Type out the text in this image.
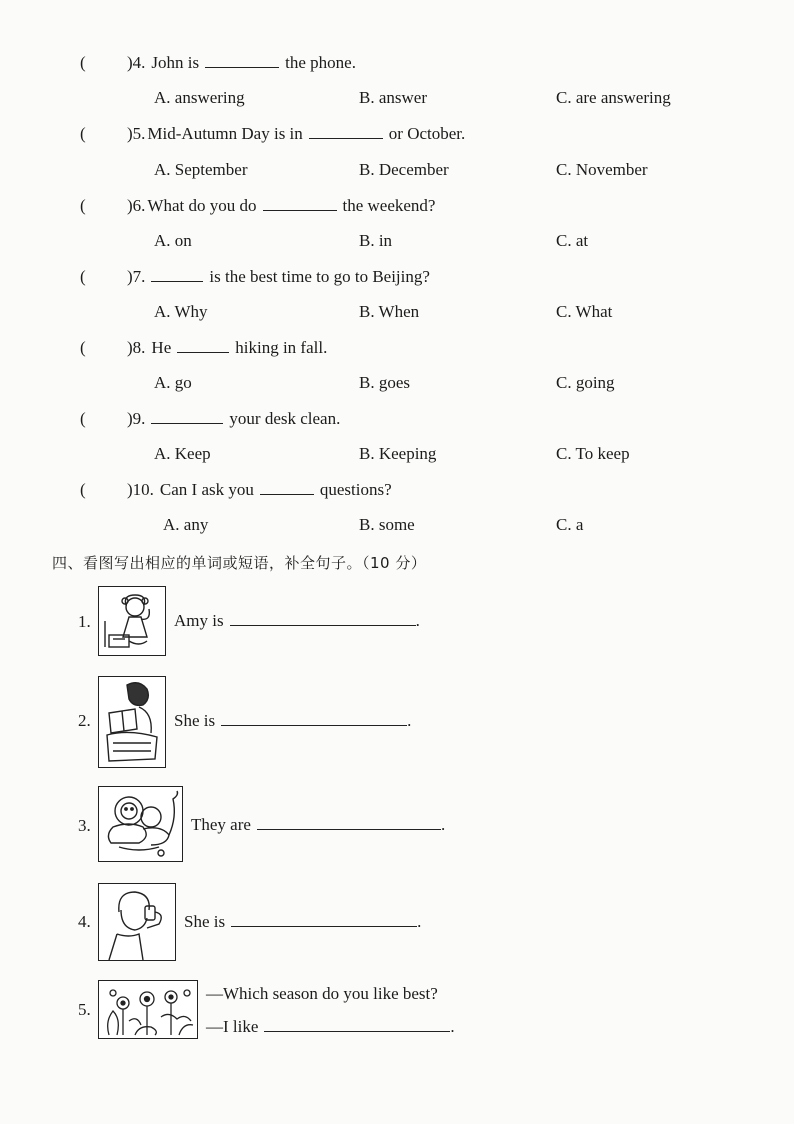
( )4. John is	the phone.
A. answering	B. answer	C. are answering
( )5. Mid-Autumn Day is in	or October.
A. September	B. December	C. November
( )6. What do you do	the weekend?
A. on	B. in	C. at
( )7.	is the best time to go to Beijing?
A. Why	B. When	C. What
( )8. He	hiking in fall.
A. go	B. goes	C. going
( )9.	your desk clean.
A. Keep	B. Keeping	C. To keep
( )10. Can I ask you	questions?
A. any	B. some	C. a
四、看图写出相应的单词或短语，补全句子。（10 分）
1.	Amy is	.
2.	She is	.
3.	They are	.
4.	She is	.
5.
—Which season do you like best?
—I like	.
